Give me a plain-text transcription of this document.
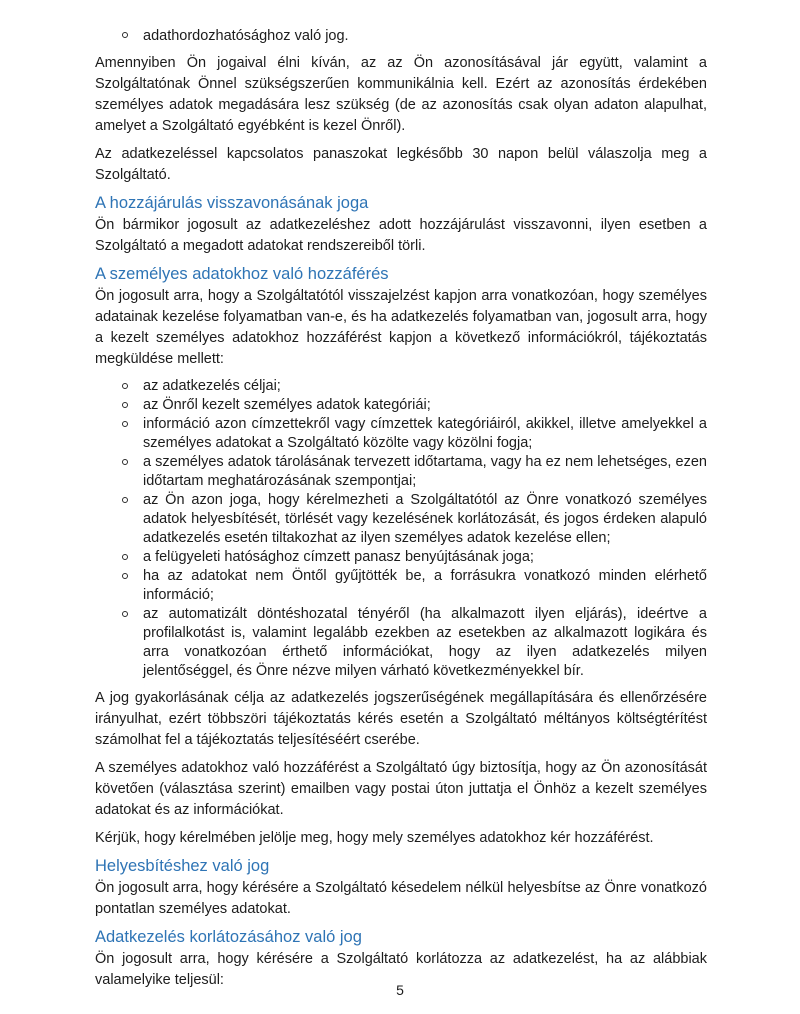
adathordozhatósághoz való jog.

Amennyiben Ön jogaival élni kíván, az az Ön azonosításával jár együtt, valamint a Szolgáltatónak Önnel szükségszerűen kommunikálnia kell. Ezért az azonosítás érdekében személyes adatok megadására lesz szükség (de az azonosítás csak olyan adaton alapulhat, amelyet a Szolgáltató egyébként is kezel Önről).

Az adatkezeléssel kapcsolatos panaszokat legkésőbb 30 napon belül válaszolja meg a Szolgáltató.

A hozzájárulás visszavonásának joga

Ön bármikor jogosult az adatkezeléshez adott hozzájárulást visszavonni, ilyen esetben a Szolgáltató a megadott adatokat rendszereiből törli.

A személyes adatokhoz való hozzáférés

Ön jogosult arra, hogy a Szolgáltatótól visszajelzést kapjon arra vonatkozóan, hogy személyes adatainak kezelése folyamatban van-e, és ha adatkezelés folyamatban van, jogosult arra, hogy a kezelt személyes adatokhoz hozzáférést kapjon a következő információkról, tájékoztatás megküldése mellett:

az adatkezelés céljai;
az Önről kezelt személyes adatok kategóriái;
információ azon címzettekről vagy címzettek kategóriáiról, akikkel, illetve amelyekkel a személyes adatokat a Szolgáltató közölte vagy közölni fogja;
a személyes adatok tárolásának tervezett időtartama, vagy ha ez nem lehetséges, ezen időtartam meghatározásának szempontjai;
az Ön azon joga, hogy kérelmezheti a Szolgáltatótól az Önre vonatkozó személyes adatok helyesbítését, törlését vagy kezelésének korlátozását, és jogos érdeken alapuló adatkezelés esetén tiltakozhat az ilyen személyes adatok kezelése ellen;
a felügyeleti hatósághoz címzett panasz benyújtásának joga;
ha az adatokat nem Öntől gyűjtötték be, a forrásukra vonatkozó minden elérhető információ;
az automatizált döntéshozatal tényéről (ha alkalmazott ilyen eljárás), ideértve a profilalkotást is, valamint legalább ezekben az esetekben az alkalmazott logikára és arra vonatkozóan érthető információkat, hogy az ilyen adatkezelés milyen jelentőséggel, és Önre nézve milyen várható következményekkel bír.

A jog gyakorlásának célja az adatkezelés jogszerűségének megállapítására és ellenőrzésére irányulhat, ezért többszöri tájékoztatás kérés esetén a Szolgáltató méltányos költségtérítést számolhat fel a tájékoztatás teljesítéséért cserébe.

A személyes adatokhoz való hozzáférést a Szolgáltató úgy biztosítja, hogy az Ön azonosítását követően (választása szerint) emailben vagy postai úton juttatja el Önhöz a kezelt személyes adatokat és az információkat.

Kérjük, hogy kérelmében jelölje meg, hogy mely személyes adatokhoz kér hozzáférést.

Helyesbítéshez való jog

Ön jogosult arra, hogy kérésére a Szolgáltató késedelem nélkül helyesbítse az Önre vonatkozó pontatlan személyes adatokat.

Adatkezelés korlátozásához való jog

Ön jogosult arra, hogy kérésére a Szolgáltató korlátozza az adatkezelést, ha az alábbiak valamelyike teljesül:

5
